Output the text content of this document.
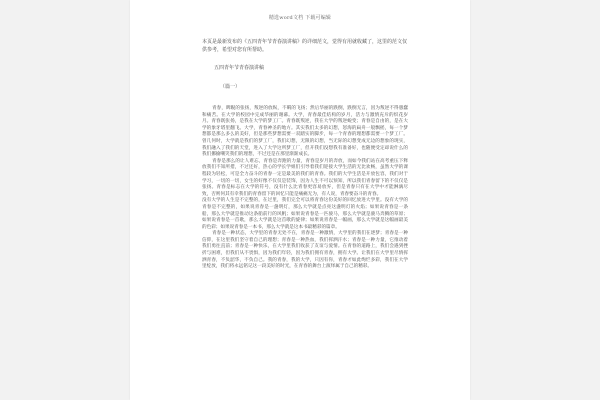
精选word文档 下载可编辑
本页是最新发布的《五四青年节青春演讲稿》的详细范文，觉得有用就收藏了，这里的范文仅供参考，希望对您有所帮助。
五四青年节青春演讲稿
（篇一）

青春，睥睨的张扬，叛逆的放纵，不羁的飞扬；然后华丽的跌倒，跌倒无言，因为叛逆不得愚蠢和痛苦。在大学的校园中完成华丽的谢幕。大学，青春最佳结构的岁月，活力与激情充斥的炽花岁月。青春既张扬，是我在大学的梦工厂。青春既叛逆，我在大学的叛逆蜕变；青春是自由的，是在大学的象牙塔里翻飞。大学，青春神圣的地方。其实我们太多的幻想，怒海的扁舟一般飘摇，每一个梦想都是那么多么的美好，但是那些梦想需要一双踏实的脚步，每一个青春的理想都需要一个梦工厂。曾几何时，大学就是我们的梦工厂，我们幻想，无限的幻想，当无际的幻想变成无边的想象的现实，我们融入了我们的天堂，进入了大学这所梦工厂，但开我们没想我有准备好，也随便受定却说什么的我们挪揄嘲笑我们的理想，不过还是在那里渐渐成长。

青春是那么的让人难忘，青春是奔跑的力量，青春是岁月的奔放，而如今我们站在高考重压下释放我们不知所措，不过还好，热心的学长学姐们引导着我们迎接大学生活的无比欢畅，虽然大学的课程较为轻松，可是全力奋斗的青春一定是最美的我们的青春。我们的大学生活是开放包容，我们对于学习，一切的一切，女生的好像不仅仅是装饰，因为人生不可以预知，所以我们青春留下的不仅仅是张扬。青春是标志在大学的符号，没有什么比青春更容易放弃，但是青春只有在大学中才能淋漓尽致，否则何其有幸我们的青春留下的回忆只能是痛痛无为，有人说，青春要奋斗的青春。

没有大学的人生是不完整的，在过里，我们完全可以将青春这份美好的回忆放进大学里。没有大学的青春是不完整的，如果说青春是一盏明灯，那么大学就是点亮这盏明灯的火焰；如果说青春是一条船，那么大学就是推动这条船前行的风帆；如果说青春是一匹骏马，那么大学就是骏马奔腾的草原；如果说青春是一首歌，那么大学就是这首歌的旋律；如果说青春是一幅画，那么大学就是这幅画最美的色彩；如果说青春是一本书，那么大学就是这本书最精彩的篇章。

青春是一种状态，大学里的青春无处不在，青春是一种激情，大学里的我们在逐梦；青春是一种信仰，在这里我们坚守着自己的理想；青春是一种热血，我们挥洒汗水；青春是一种力量，它推动着我们勇往直前；青春是一种快乐，在大学里我们收获了友谊与爱情。在青春的道路上，我们会遇到挫折与困难，但我们从不畏惧，因为我们年轻，因为我们拥有青春，拥有大学。让我们在大学里尽情挥洒青春，不负韶华，不负自己。我的青春，我的大学，只因有你，青春才如此绚烂多彩，我们在大学里绽放，我们将永远铭记这一段美好的时光，在青春的舞台上演绎属于自己的精彩。
